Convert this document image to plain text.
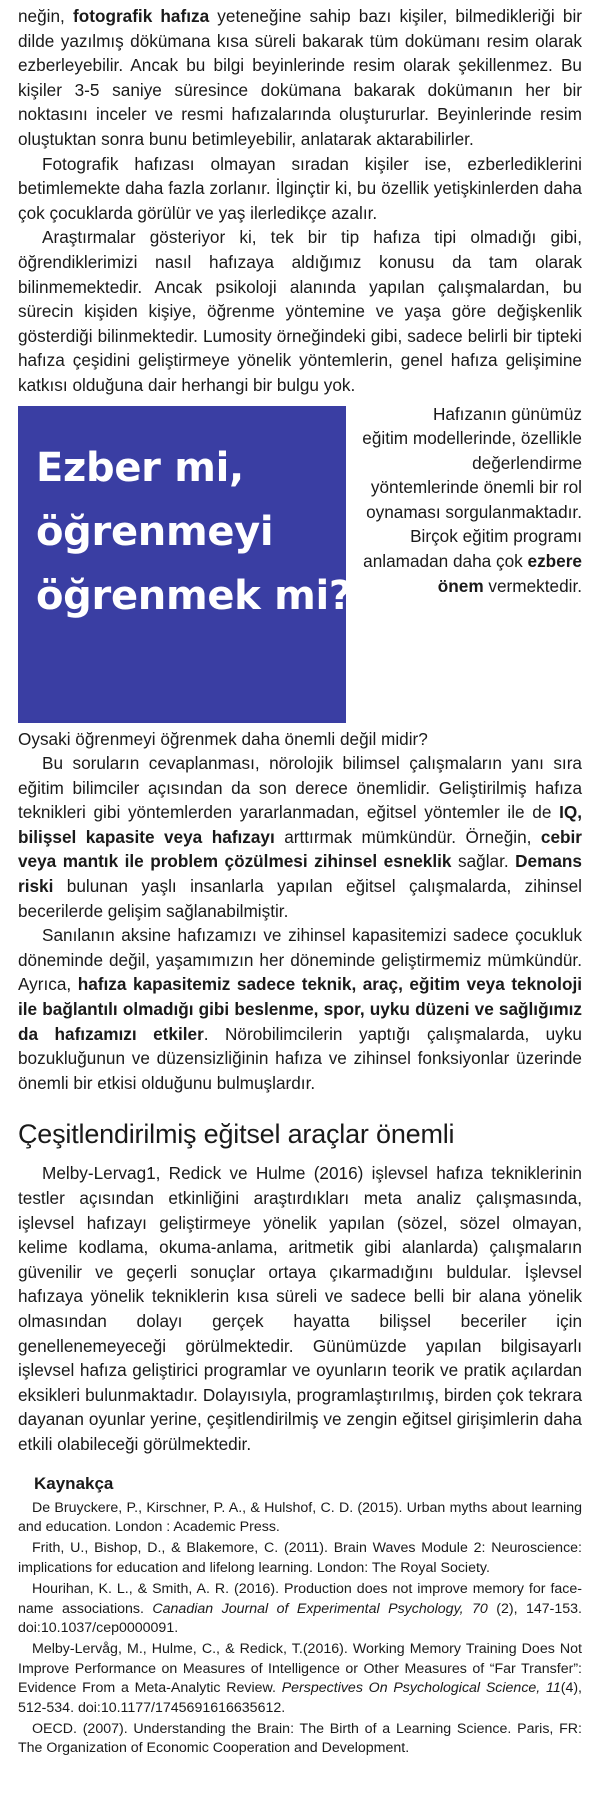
neğin, fotografik hafıza yeteneğine sahip bazı kişiler, bilmedikleriği bir dilde yazılmış dökümana kısa süreli bakarak tüm dokümanı resim olarak ezberleyebilir. Ancak bu bilgi beyinlerinde resim olarak şekillenmez. Bu kişiler 3-5 saniye süresince dokümana bakarak dokümanın her bir noktasını inceler ve resmi hafızalarında oluştururlar. Beyinlerinde resim oluştuktan sonra bunu betimleyebilir, anlatarak aktarabilirler.

Fotografik hafızası olmayan sıradan kişiler ise, ezberlediklerini betimlemekte daha fazla zorlanır. İlginçtir ki, bu özellik yetişkinlerden daha çok çocuklarda görülür ve yaş ilerledikçe azalır.

Araştırmalar gösteriyor ki, tek bir tip hafıza tipi olmadığı gibi, öğrendiklerimizi nasıl hafızaya aldığımız konusu da tam olarak bilinmemektedir. Ancak psikoloji alanında yapılan çalışmalardan, bu sürecin kişiden kişiye, öğrenme yöntemine ve yaşa göre değişkenlik gösterdiği bilinmektedir. Lumosity örneğindeki gibi, sadece belirli bir tipteki hafıza çeşidini geliştirmeye yönelik yöntemlerin, genel hafıza gelişimine katkısı olduğuna dair herhangi bir bulgu yok.

Ezber mi,
öğrenmeyi
öğrenmek mi?

Hafızanın günümüz eğitim modellerinde, özellikle değerlendirme yöntemlerinde önemli bir rol oynaması sorgulanmaktadır. Birçok eğitim programı anlamadan daha çok ezbere önem vermektedir.

Oysaki öğrenmeyi öğrenmek daha önemli değil midir?

Bu soruların cevaplanması, nörolojik bilimsel çalışmaların yanı sıra eğitim bilimciler açısından da son derece önemlidir. Geliştirilmiş hafıza teknikleri gibi yöntemlerden yararlanmadan, eğitsel yöntemler ile de IQ, bilişsel kapasite veya hafızayı arttırmak mümkündür. Örneğin, cebir veya mantık ile problem çözülmesi zihinsel esneklik sağlar. Demans riski bulunan yaşlı insanlarla yapılan eğitsel çalışmalarda, zihinsel becerilerde gelişim sağlanabilmiştir.

Sanılanın aksine hafızamızı ve zihinsel kapasitemizi sadece çocukluk döneminde değil, yaşamımızın her döneminde geliştirmemiz mümkündür. Ayrıca, hafıza kapasitemiz sadece teknik, araç, eğitim veya teknoloji ile bağlantılı olmadığı gibi beslenme, spor, uyku düzeni ve sağlığımız da hafızamızı etkiler. Nörobilimcilerin yaptığı çalışmalarda, uyku bozukluğunun ve düzensizliğinin hafıza ve zihinsel fonksiyonlar üzerinde önemli bir etkisi olduğunu bulmuşlardır.

Çeşitlendirilmiş eğitsel araçlar önemli

Melby-Lervag1, Redick ve Hulme (2016) işlevsel hafıza tekniklerinin testler açısından etkinliğini araştırdıkları meta analiz çalışmasında, işlevsel hafızayı geliştirmeye yönelik yapılan (sözel, sözel olmayan, kelime kodlama, okuma-anlama, aritmetik gibi alanlarda) çalışmaların güvenilir ve geçerli sonuçlar ortaya çıkarmadığını buldular. İşlevsel hafızaya yönelik tekniklerin kısa süreli ve sadece belli bir alana yönelik olmasından dolayı gerçek hayatta bilişsel beceriler için genellenemeyeceği görülmektedir. Günümüzde yapılan bilgisayarlı işlevsel hafıza geliştirici programlar ve oyunların teorik ve pratik açılardan eksikleri bulunmaktadır. Dolayısıyla, programlaştırılmış, birden çok tekrara dayanan oyunlar yerine, çeşitlendirilmiş ve zengin eğitsel girişimlerin daha etkili olabileceği görülmektedir.

Kaynakça

De Bruyckere, P., Kirschner, P. A., & Hulshof, C. D. (2015). Urban myths about learning and education. London : Academic Press.

Frith, U., Bishop, D., & Blakemore, C. (2011). Brain Waves Module 2: Neuroscience: implications for education and lifelong learning. London: The Royal Society.

Hourihan, K. L., & Smith, A. R. (2016). Production does not improve memory for face-name associations. Canadian Journal of Experimental Psychology, 70 (2), 147-153. doi:10.1037/cep0000091.

Melby-Lervåg, M., Hulme, C., & Redick, T.(2016). Working Memory Training Does Not Improve Performance on Measures of Intelligence or Other Measures of “Far Transfer”: Evidence From a Meta-Analytic Review. Perspectives On Psychological Science, 11(4), 512-534. doi:10.1177/1745691616635612.

OECD. (2007). Understanding the Brain: The Birth of a Learning Science. Paris, FR: The Organization of Economic Cooperation and Development.
